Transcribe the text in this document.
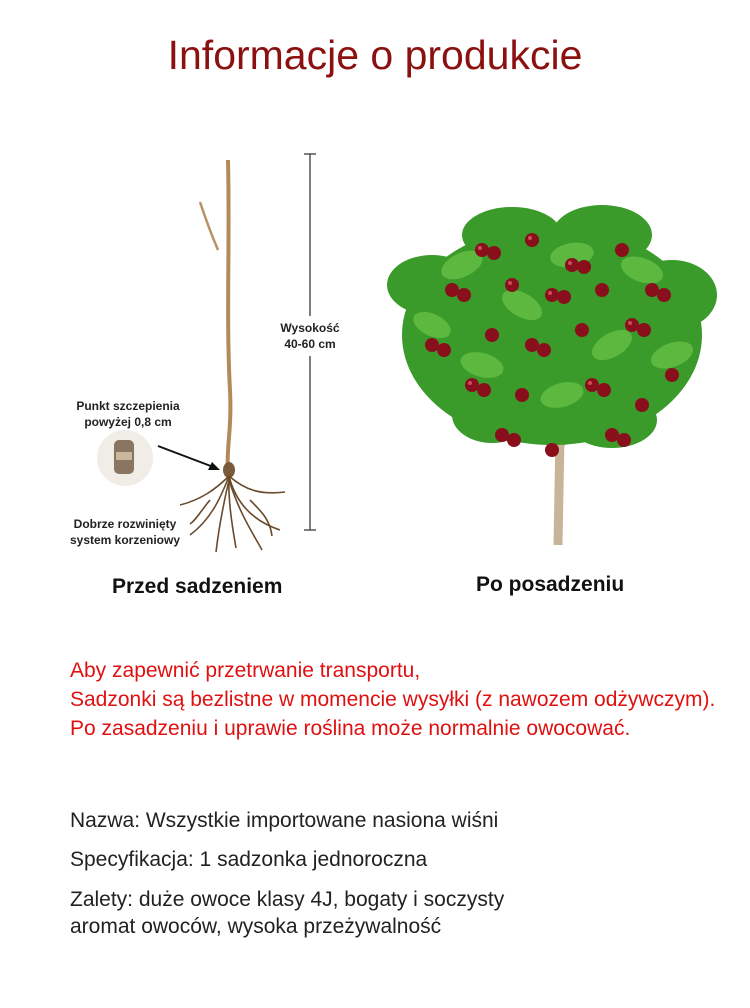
Informacje o produkcie
Wysokość
40-60 cm
Punkt szczepienia
powyżej 0,8 cm
Dobrze rozwinięty
system korzeniowy
Przed sadzeniem	Po posadzeniu
Aby zapewnić przetrwanie transportu,
Sadzonki są bezlistne w momencie wysyłki (z nawozem odżywczym).
Po zasadzeniu i uprawie roślina może normalnie owocować.
Nazwa: Wszystkie importowane nasiona wiśni
Specyfikacja: 1 sadzonka jednoroczna
Zalety: duże owoce klasy 4J, bogaty i soczysty
aromat owoców, wysoka przeżywalność
